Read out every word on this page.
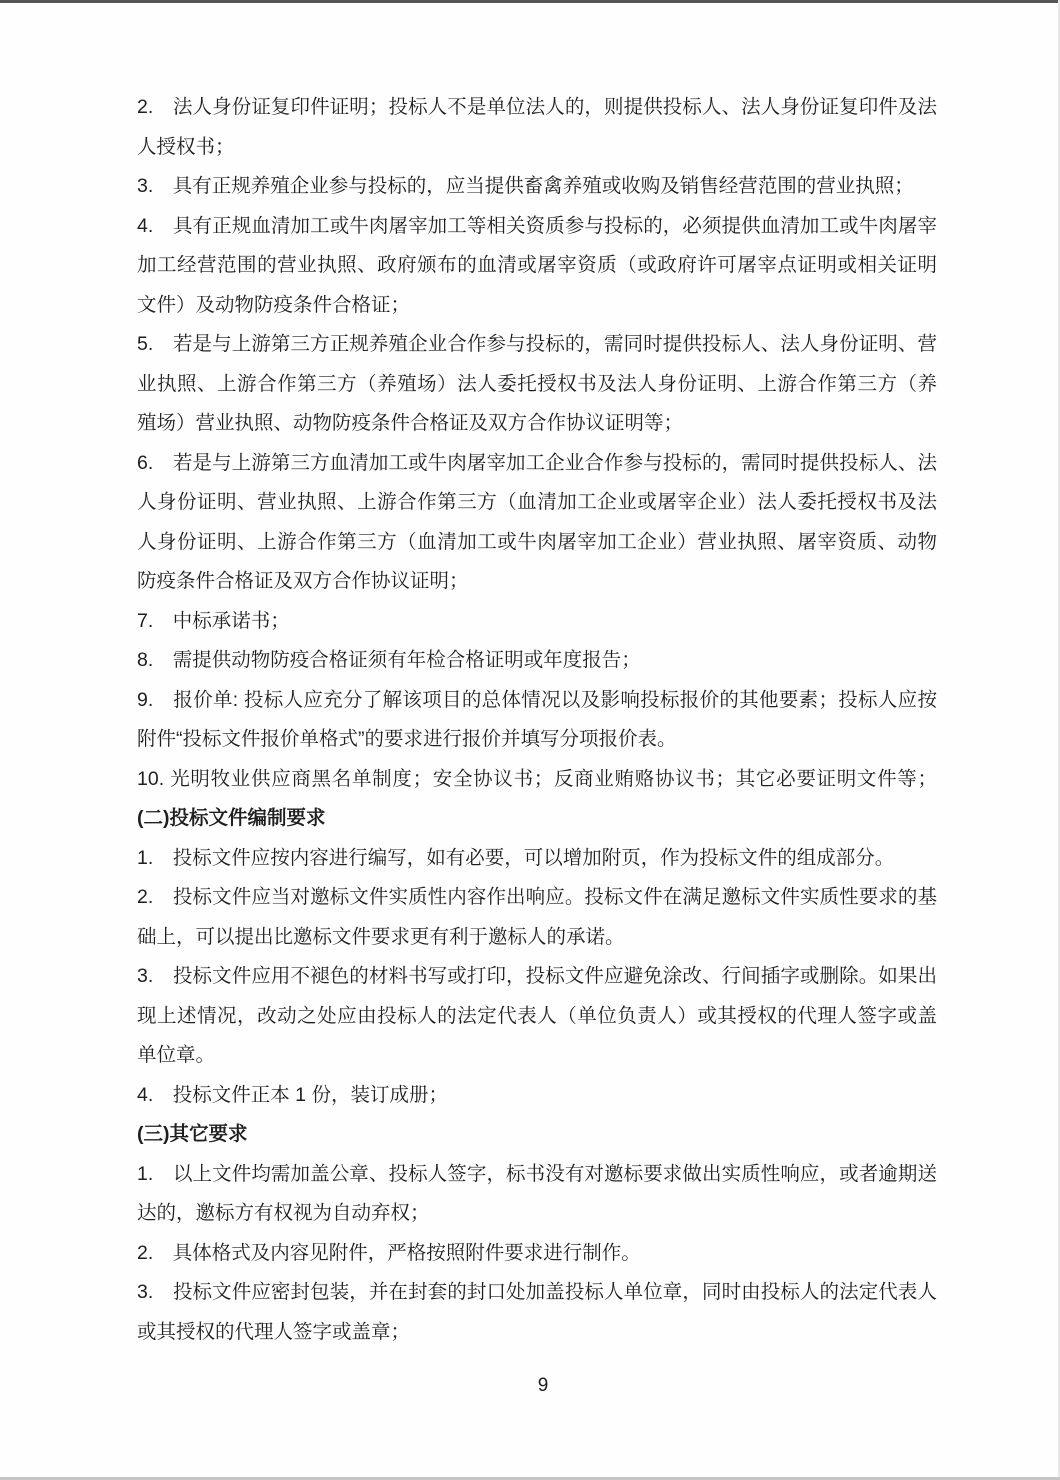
2.　法人身份证复印件证明；投标人不是单位法人的，则提供投标人、法人身份证复印件及法
人授权书；
3.　具有正规养殖企业参与投标的，应当提供畜禽养殖或收购及销售经营范围的营业执照；
4.　具有正规血清加工或牛肉屠宰加工等相关资质参与投标的，必须提供血清加工或牛肉屠宰
加工经营范围的营业执照、政府颁布的血清或屠宰资质（或政府许可屠宰点证明或相关证明
文件）及动物防疫条件合格证；
5.　若是与上游第三方正规养殖企业合作参与投标的，需同时提供投标人、法人身份证明、营
业执照、上游合作第三方（养殖场）法人委托授权书及法人身份证明、上游合作第三方（养
殖场）营业执照、动物防疫条件合格证及双方合作协议证明等；
6.　若是与上游第三方血清加工或牛肉屠宰加工企业合作参与投标的，需同时提供投标人、法
人身份证明、营业执照、上游合作第三方（血清加工企业或屠宰企业）法人委托授权书及法
人身份证明、上游合作第三方（血清加工或牛肉屠宰加工企业）营业执照、屠宰资质、动物
防疫条件合格证及双方合作协议证明；
7.　中标承诺书；
8.　需提供动物防疫合格证须有年检合格证明或年度报告；
9.　报价单: 投标人应充分了解该项目的总体情况以及影响投标报价的其他要素；投标人应按
附件“投标文件报价单格式”的要求进行报价并填写分项报价表。
10. 光明牧业供应商黑名单制度；安全协议书；反商业贿赂协议书；其它必要证明文件等；
(二)投标文件编制要求
1.　投标文件应按内容进行编写，如有必要，可以增加附页，作为投标文件的组成部分。
2.　投标文件应当对邀标文件实质性内容作出响应。投标文件在满足邀标文件实质性要求的基
础上，可以提出比邀标文件要求更有利于邀标人的承诺。
3.　投标文件应用不褪色的材料书写或打印，投标文件应避免涂改、行间插字或删除。如果出
现上述情况，改动之处应由投标人的法定代表人（单位负责人）或其授权的代理人签字或盖
单位章。
4.　投标文件正本 1 份，装订成册；
(三)其它要求
1.　以上文件均需加盖公章、投标人签字，标书没有对邀标要求做出实质性响应，或者逾期送
达的，邀标方有权视为自动弃权；
2.　具体格式及内容见附件，严格按照附件要求进行制作。
3.　投标文件应密封包装，并在封套的封口处加盖投标人单位章，同时由投标人的法定代表人
或其授权的代理人签字或盖章；
9
